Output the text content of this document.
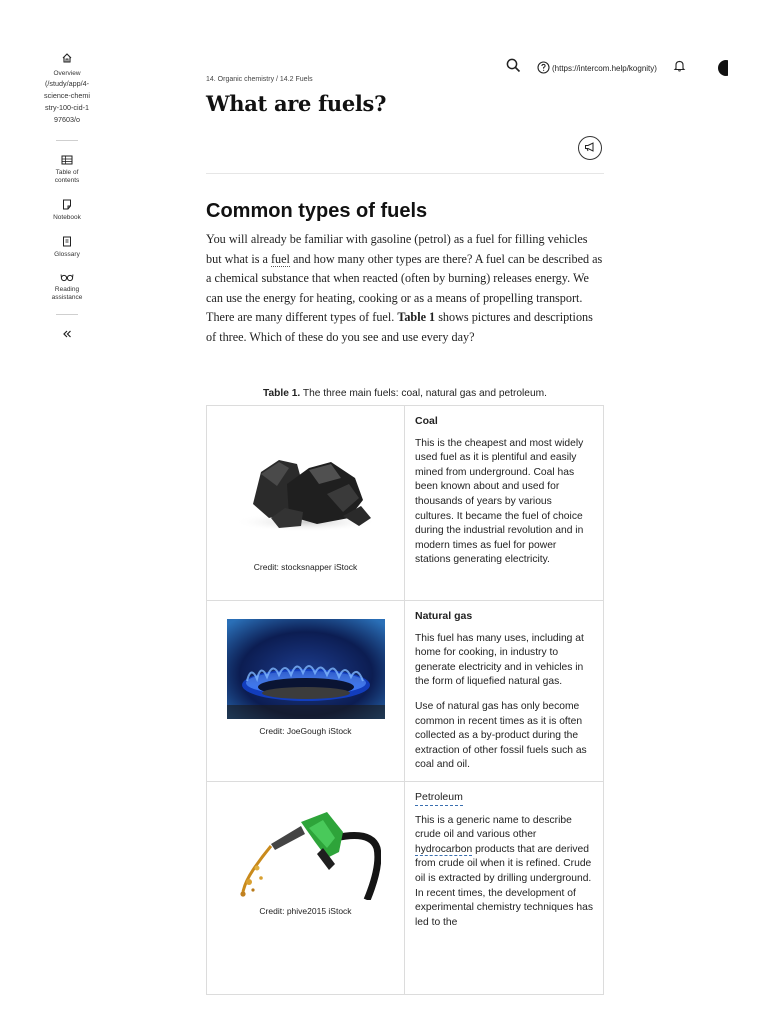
Overview
(/study/app/4-science-chemistry-100-cid-197603/o
Table of contents
Notebook
Glossary
Reading assistance
(https://intercom.help/kognity)
14. Organic chemistry / 14.2 Fuels
What are fuels?
Common types of fuels

You will already be familiar with gasoline (petrol) as a fuel for filling vehicles but what is a fuel and how many other types are there? A fuel can be described as a chemical substance that when reacted (often by burning) releases energy. We can use the energy for heating, cooking or as a means of propelling transport. There are many different types of fuel. Table 1 shows pictures and descriptions of three. Which of these do you see and use every day?

Table 1. The three main fuels: coal, natural gas and petroleum.
Credit: stocksnapper iStock
Coal
This is the cheapest and most widely used fuel as it is plentiful and easily mined from underground. Coal has been known about and used for thousands of years by various cultures. It became the fuel of choice during the industrial revolution and in modern times as fuel for power stations generating electricity.
Credit: JoeGough iStock
Natural gas
This fuel has many uses, including at home for cooking, in industry to generate electricity and in vehicles in the form of liquefied natural gas.
Use of natural gas has only become common in recent times as it is often collected as a by-product during the extraction of other fossil fuels such as coal and oil.
Credit: phive2015 iStock
Petroleum
This is a generic name to describe crude oil and various other hydrocarbon products that are derived from crude oil when it is refined. Crude oil is extracted by drilling underground. In recent times, the development of experimental chemistry techniques has led to the
